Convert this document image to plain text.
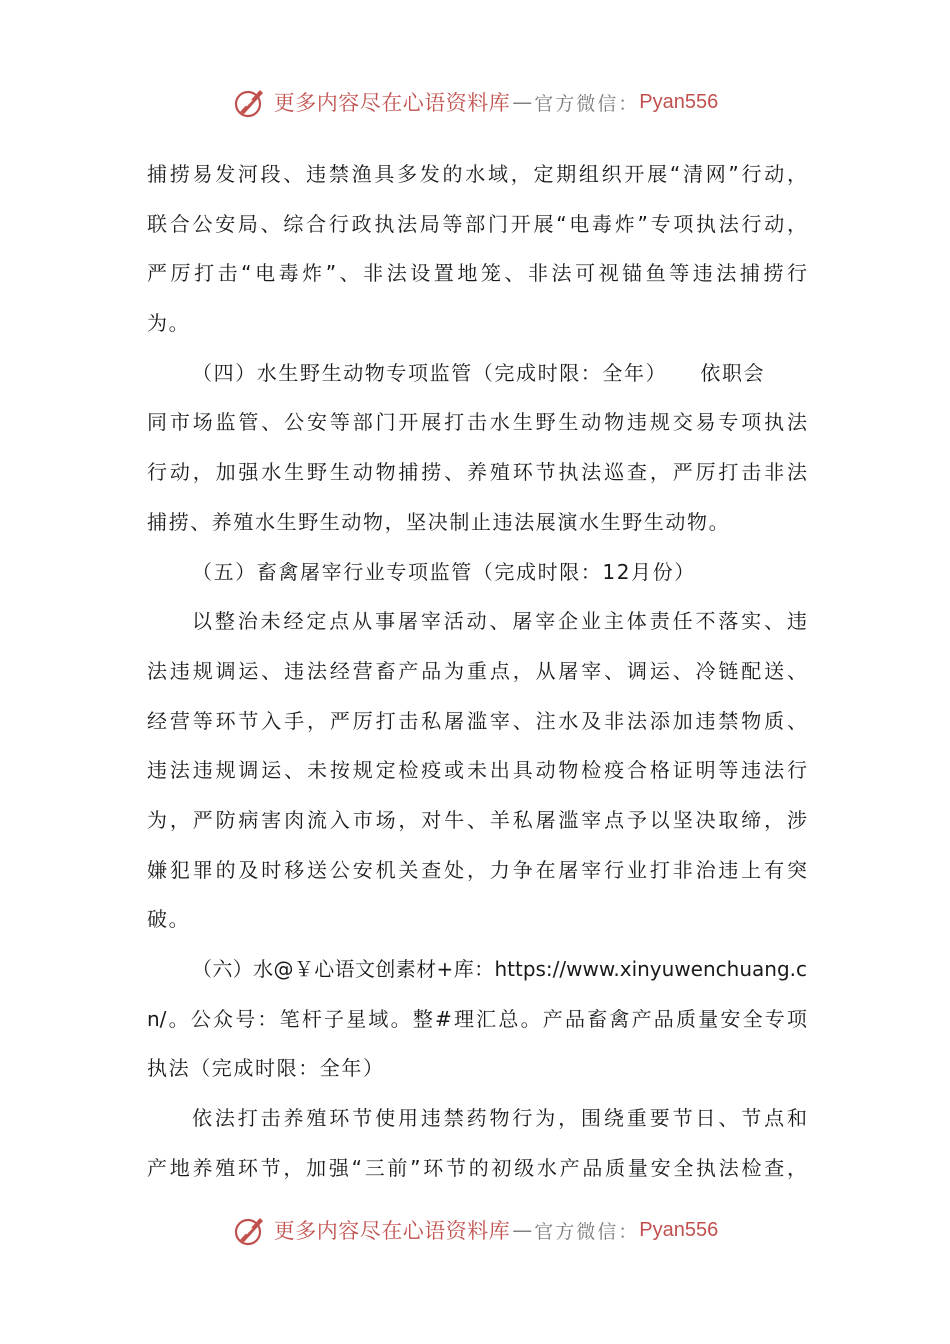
更多内容尽在心语资料库 — 官方微信： Pyan556
捕捞易发河段、违禁渔具多发的水域，定期组织开展“清网”行动，
联合公安局、综合行政执法局等部门开展“电毒炸”专项执法行动，
严厉打击“电毒炸”、非法设置地笼、非法可视锚鱼等违法捕捞行
为。
（四）水生野生动物专项监管（完成时限：全年）　　依职会
同市场监管、公安等部门开展打击水生野生动物违规交易专项执法
行动，加强水生野生动物捕捞、养殖环节执法巡查，严厉打击非法
捕捞、养殖水生野生动物，坚决制止违法展演水生野生动物。
（五）畜禽屠宰行业专项监管（完成时限：12月份）
以整治未经定点从事屠宰活动、屠宰企业主体责任不落实、违
法违规调运、违法经营畜产品为重点，从屠宰、调运、冷链配送、
经营等环节入手，严厉打击私屠滥宰、注水及非法添加违禁物质、
违法违规调运、未按规定检疫或未出具动物检疫合格证明等违法行
为，严防病害肉流入市场，对牛、羊私屠滥宰点予以坚决取缔，涉
嫌犯罪的及时移送公安机关查处，力争在屠宰行业打非治违上有突
破。
（六）水@￥心语文创素材+库：https://www.xinyuwenchuang.c
n/。公众号：笔杆子星域。整#理汇总。产品畜禽产品质量安全专项
执法（完成时限：全年）
依法打击养殖环节使用违禁药物行为，围绕重要节日、节点和
产地养殖环节，加强“三前”环节的初级水产品质量安全执法检查，
更多内容尽在心语资料库 — 官方微信： Pyan556
